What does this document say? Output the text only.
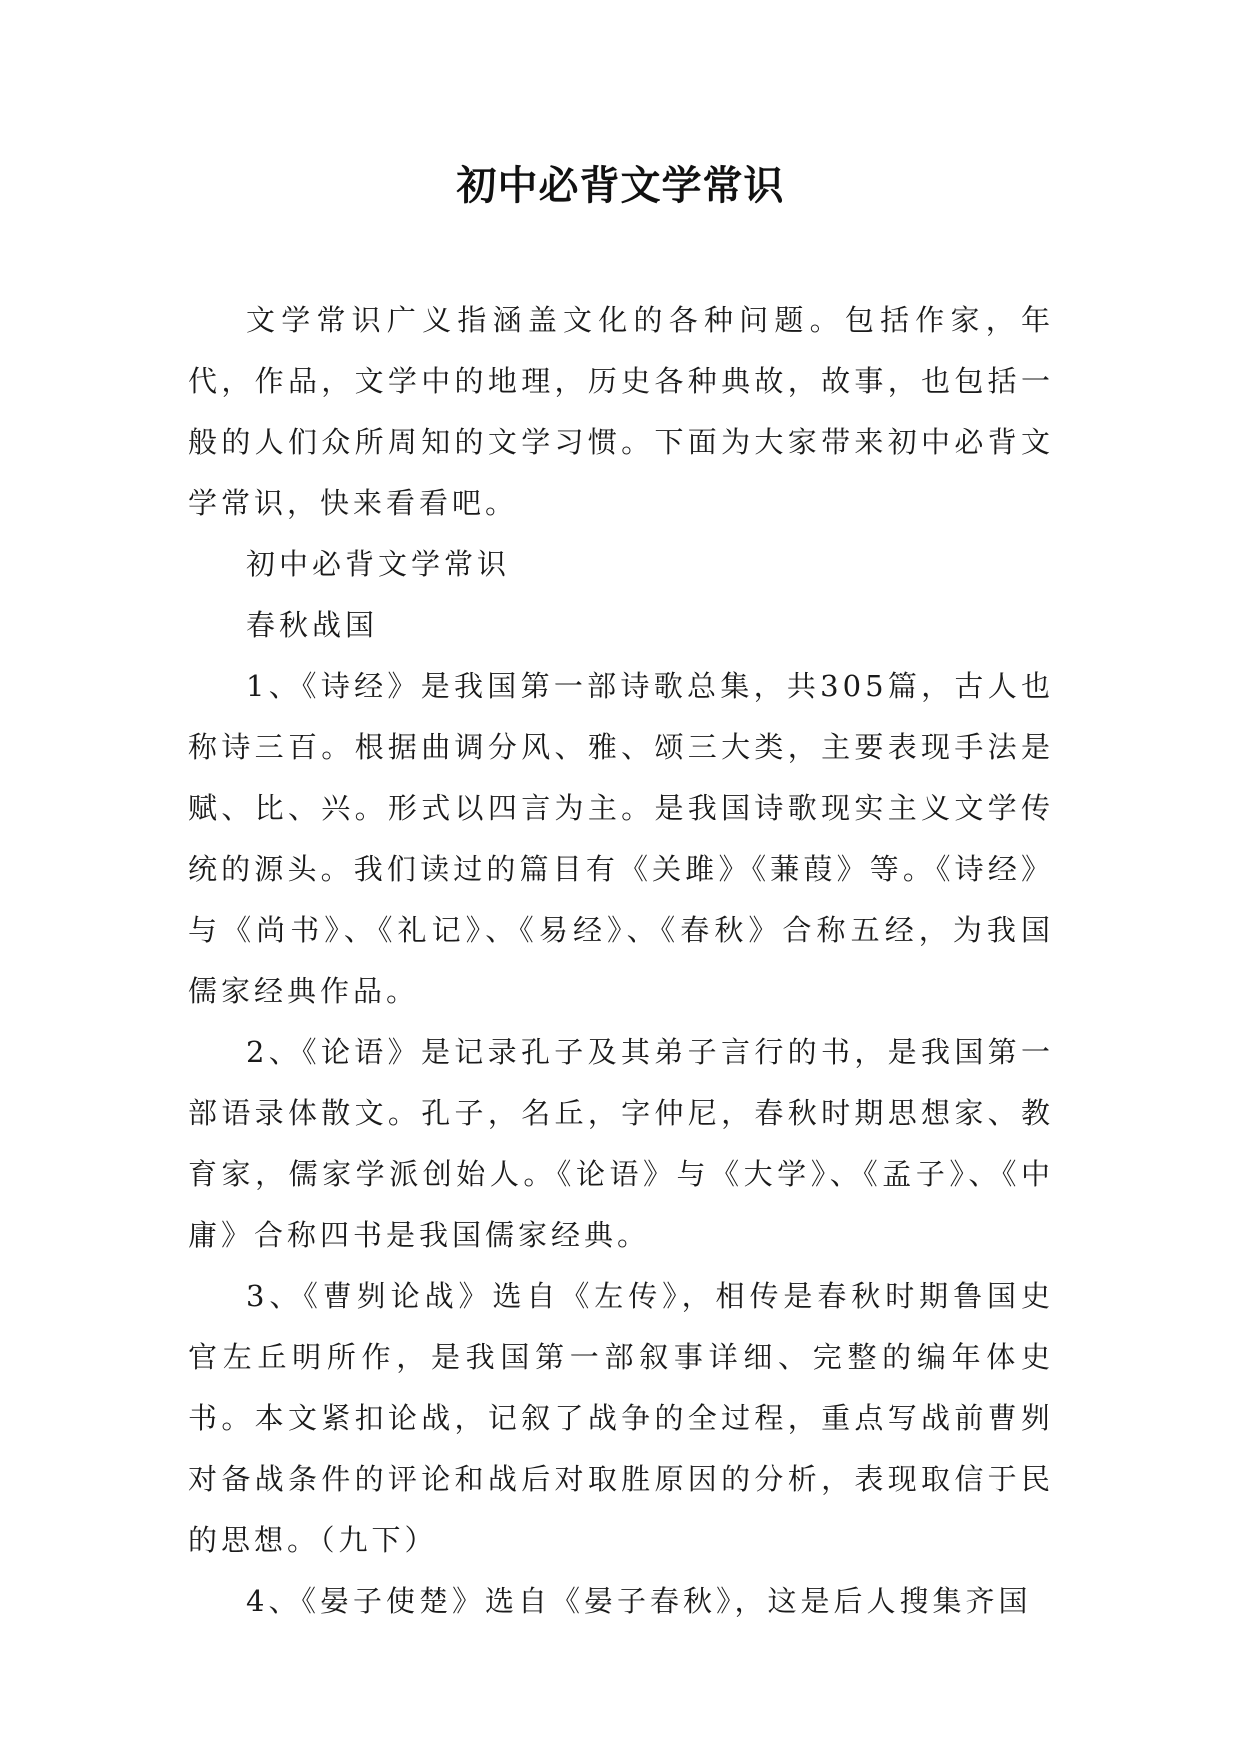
初中必背文学常识

文学常识广义指涵盖文化的各种问题。包括作家，年代，作品，文学中的地理，历史各种典故，故事，也包括一般的人们众所周知的文学习惯。下面为大家带来初中必背文学常识，快来看看吧。

初中必背文学常识

春秋战国

1、《诗经》是我国第一部诗歌总集，共305篇，古人也称诗三百。根据曲调分风、雅、颂三大类，主要表现手法是赋、比、兴。形式以四言为主。是我国诗歌现实主义文学传统的源头。我们读过的篇目有《关雎》《蒹葭》等。《诗经》与《尚书》、《礼记》、《易经》、《春秋》合称五经，为我国儒家经典作品。

2、《论语》是记录孔子及其弟子言行的书，是我国第一部语录体散文。孔子，名丘，字仲尼，春秋时期思想家、教育家，儒家学派创始人。《论语》与《大学》、《孟子》、《中庸》合称四书是我国儒家经典。

3、《曹刿论战》选自《左传》，相传是春秋时期鲁国史官左丘明所作，是我国第一部叙事详细、完整的编年体史书。本文紧扣论战，记叙了战争的全过程，重点写战前曹刿对备战条件的评论和战后对取胜原因的分析，表现取信于民的思想。（九下）

4、《晏子使楚》选自《晏子春秋》，这是后人搜集齐国
